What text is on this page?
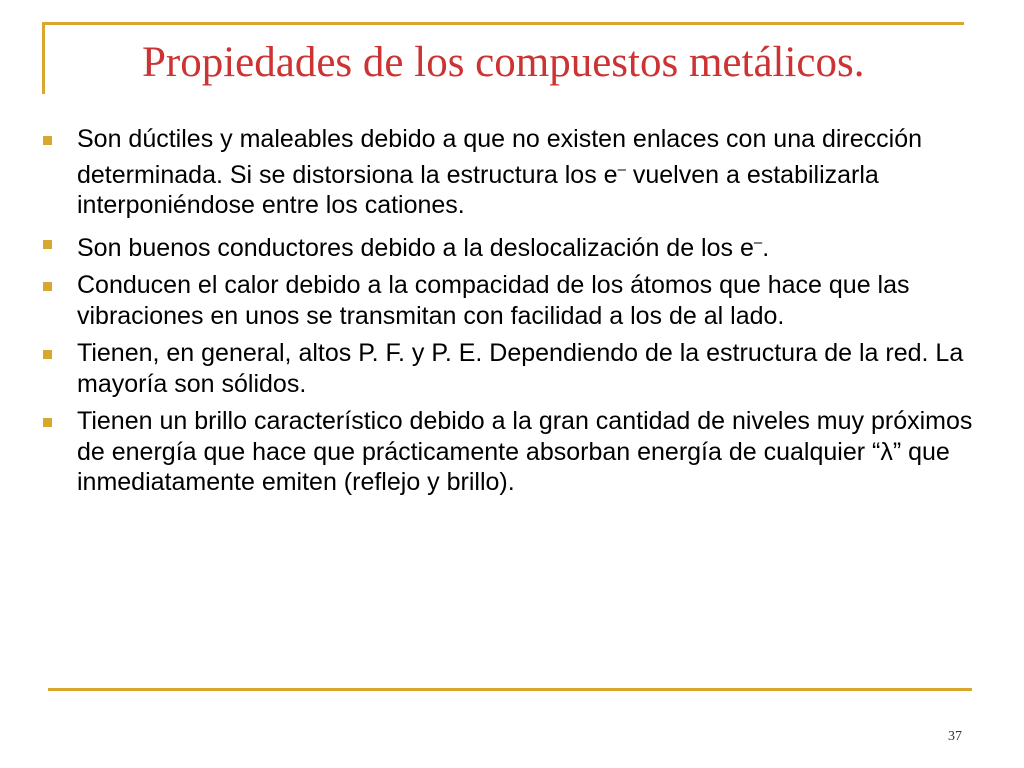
Propiedades de los compuestos metálicos.
Son dúctiles y maleables debido a que no existen enlaces con una dirección determinada. Si se distorsiona la estructura los e– vuelven a estabilizarla interponiéndose entre los cationes.
Son buenos conductores debido a la deslocalización de los e–.
Conducen el calor debido a la compacidad de los átomos que hace que las vibraciones en unos se transmitan con facilidad a los de al lado.
Tienen, en general, altos P. F. y P. E. Dependiendo de la estructura de la red. La mayoría son sólidos.
Tienen un brillo característico debido a la gran cantidad de niveles muy próximos de energía que hace que prácticamente absorban energía de cualquier “λ” que inmediatamente emiten (reflejo y brillo).
37
